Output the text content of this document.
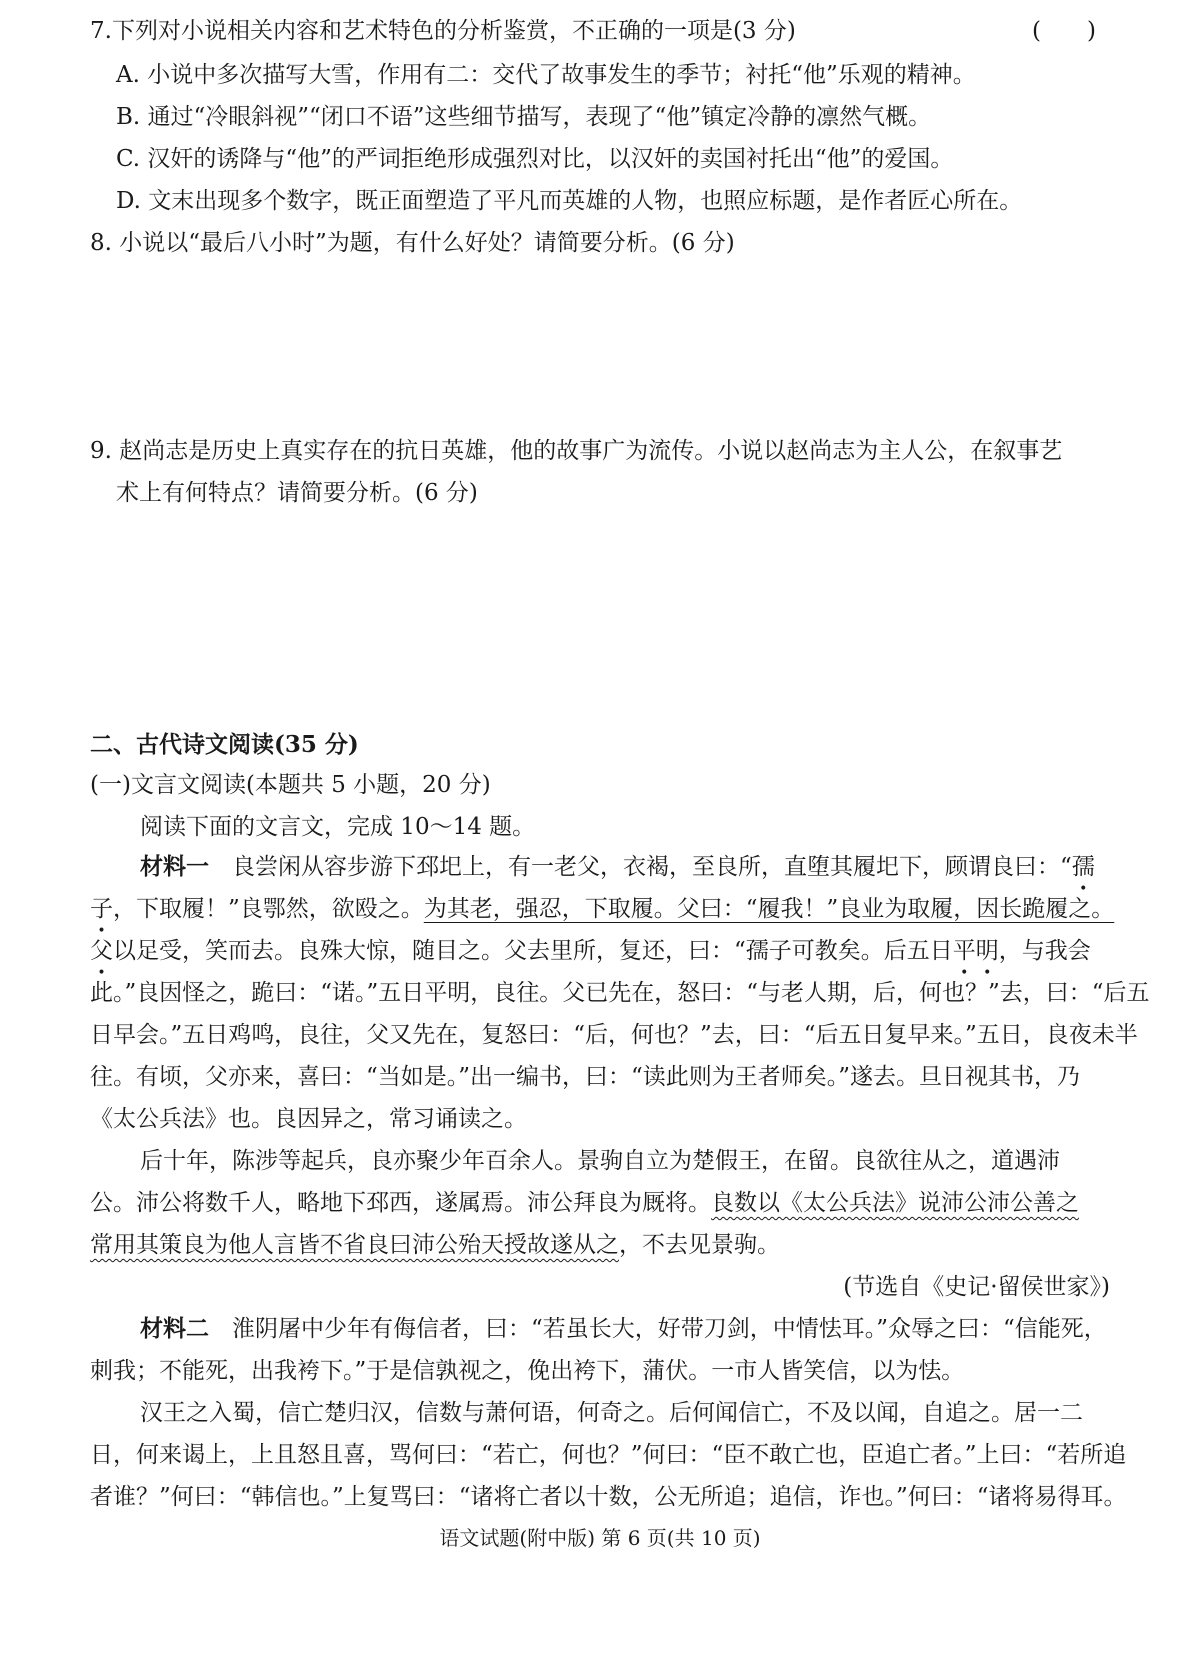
7.下列对小说相关内容和艺术特色的分析鉴赏，不正确的一项是(3 分)	(　　)
A. 小说中多次描写大雪，作用有二：交代了故事发生的季节；衬托“他”乐观的精神。
B. 通过“冷眼斜视”“闭口不语”这些细节描写，表现了“他”镇定冷静的凛然气概。
C. 汉奸的诱降与“他”的严词拒绝形成强烈对比，以汉奸的卖国衬托出“他”的爱国。
D. 文末出现多个数字，既正面塑造了平凡而英雄的人物，也照应标题，是作者匠心所在。
8. 小说以“最后八小时”为题，有什么好处？请简要分析。(6 分)
9. 赵尚志是历史上真实存在的抗日英雄，他的故事广为流传。小说以赵尚志为主人公，在叙事艺
术上有何特点？请简要分析。(6 分)
二、古代诗文阅读(35 分)
(一)文言文阅读(本题共 5 小题，20 分)
阅读下面的文言文，完成 10～14 题。
材料一　 良尝闲从容步游下邳圯上，有一老父，衣褐，至良所，直堕其履圯下，顾谓良曰：“孺
子，下取履！”良鄂然，欲殴之。为其老，强忍，下取履。父曰：“履我！”良业为取履，因长跪履之。
父以足受，笑而去。良殊大惊，随目之。父去里所，复还，曰：“孺子可教矣。后五日平明，与我会
此。”良因怪之，跪曰：“诺。”五日平明，良往。父已先在，怒曰：“与老人期，后，何也？”去，曰：“后五
日早会。”五日鸡鸣，良往，父又先在，复怒曰：“后，何也？”去，曰：“后五日复早来。”五日，良夜未半
往。有顷，父亦来，喜曰：“当如是。”出一编书，曰：“读此则为王者师矣。”遂去。旦日视其书，乃
《太公兵法》也。良因异之，常习诵读之。
后十年，陈涉等起兵，良亦聚少年百余人。景驹自立为楚假王，在留。良欲往从之，道遇沛
公。沛公将数千人，略地下邳西，遂属焉。沛公拜良为厩将。良数以《太公兵法》说沛公沛公善之
常用其策良为他人言皆不省良曰沛公殆天授故遂从之，不去见景驹。
(节选自《史记·留侯世家》)
材料二　 淮阴屠中少年有侮信者，曰：“若虽长大，好带刀剑，中情怯耳。”众辱之曰：“信能死，
刺我；不能死，出我袴下。”于是信孰视之，俛出袴下，蒲伏。一市人皆笑信，以为怯。
汉王之入蜀，信亡楚归汉，信数与萧何语，何奇之。后何闻信亡，不及以闻，自追之。居一二
日，何来谒上，上且怒且喜，骂何曰：“若亡，何也？”何曰：“臣不敢亡也，臣追亡者。”上曰：“若所追
者谁？”何曰：“韩信也。”上复骂曰：“诸将亡者以十数，公无所追；追信，诈也。”何曰：“诸将易得耳。
语文试题(附中版) 第 6 页(共 10 页)
